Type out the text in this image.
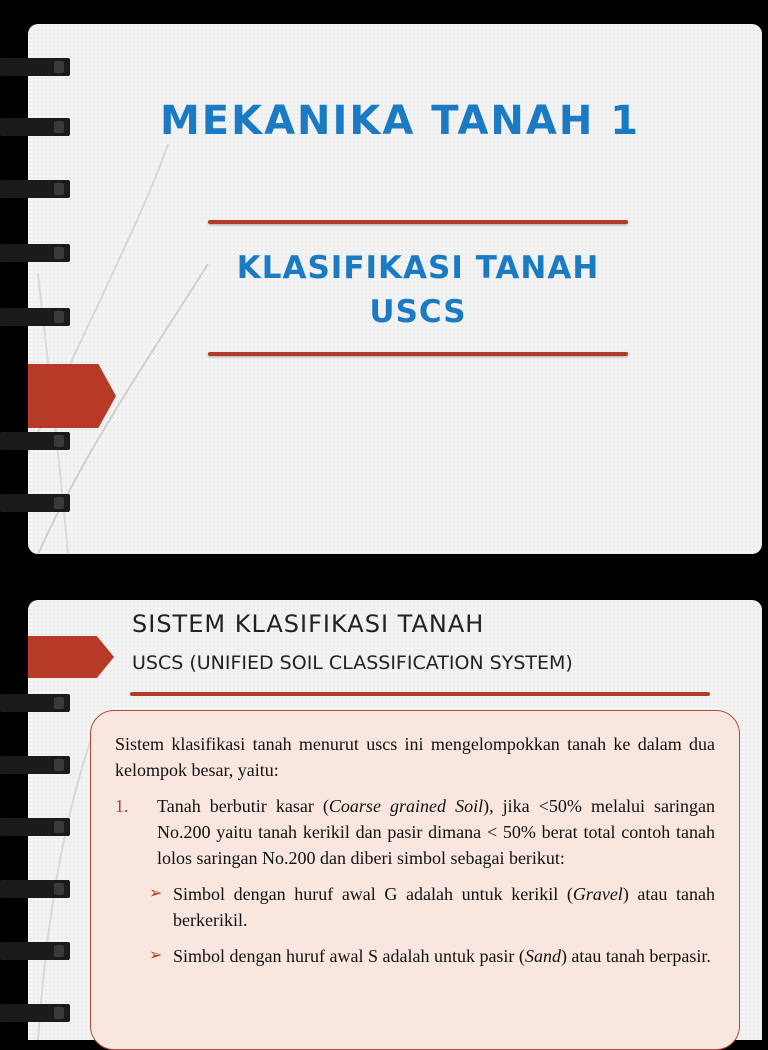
MEKANIKA TANAH 1
KLASIFIKASI TANAH
USCS
SISTEM KLASIFIKASI TANAH
USCS (UNIFIED SOIL CLASSIFICATION SYSTEM)

Sistem klasifikasi tanah menurut uscs ini mengelompokkan tanah ke dalam dua kelompok besar, yaitu:

1.	Tanah berbutir kasar (Coarse grained Soil), jika <50% melalui saringan No.200 yaitu tanah kerikil dan pasir dimana < 50% berat total contoh tanah lolos saringan No.200 dan diberi simbol sebagai berikut:
➢ Simbol dengan huruf awal G adalah untuk kerikil (Gravel) atau tanah berkerikil.
➢ Simbol dengan huruf awal S adalah untuk pasir (Sand) atau tanah berpasir.
